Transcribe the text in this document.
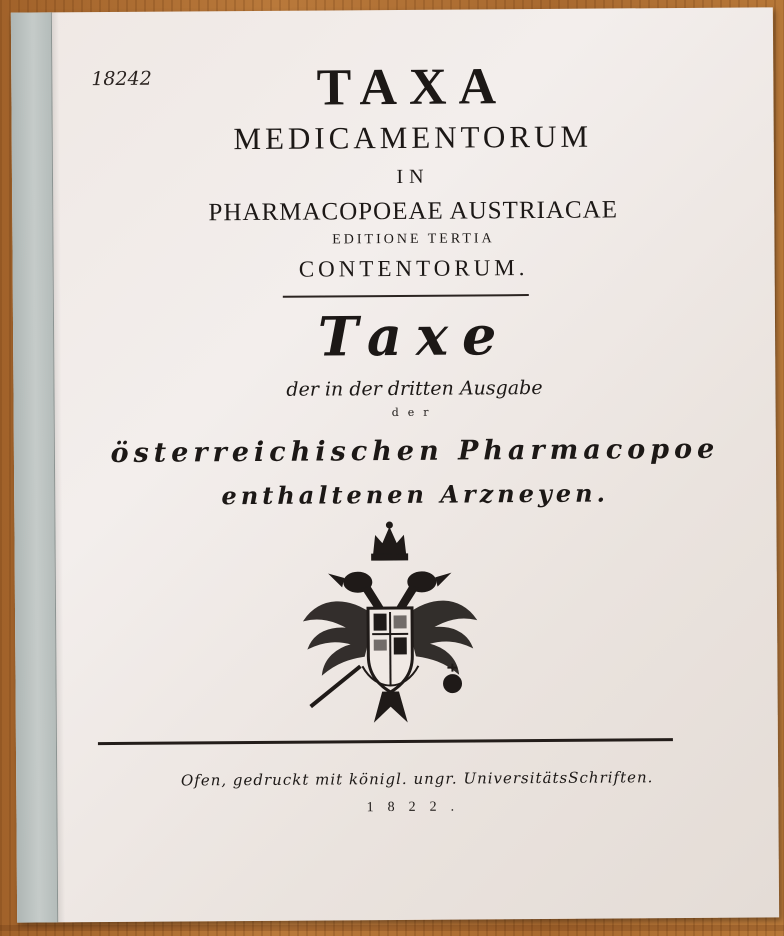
18242	TAXA
MEDICAMENTORUM
IN
PHARMACOPOEAE AUSTRIACAE
EDITIONE TERTIA
CONTENTORUM.
Taxe
der in der dritten Ausgabe
der
österreichischen Pharmacopoe
enthaltenen Arzneyen.
Ofen, gedruckt mit königl. ungr. UniversitätsSchriften.
1822.
